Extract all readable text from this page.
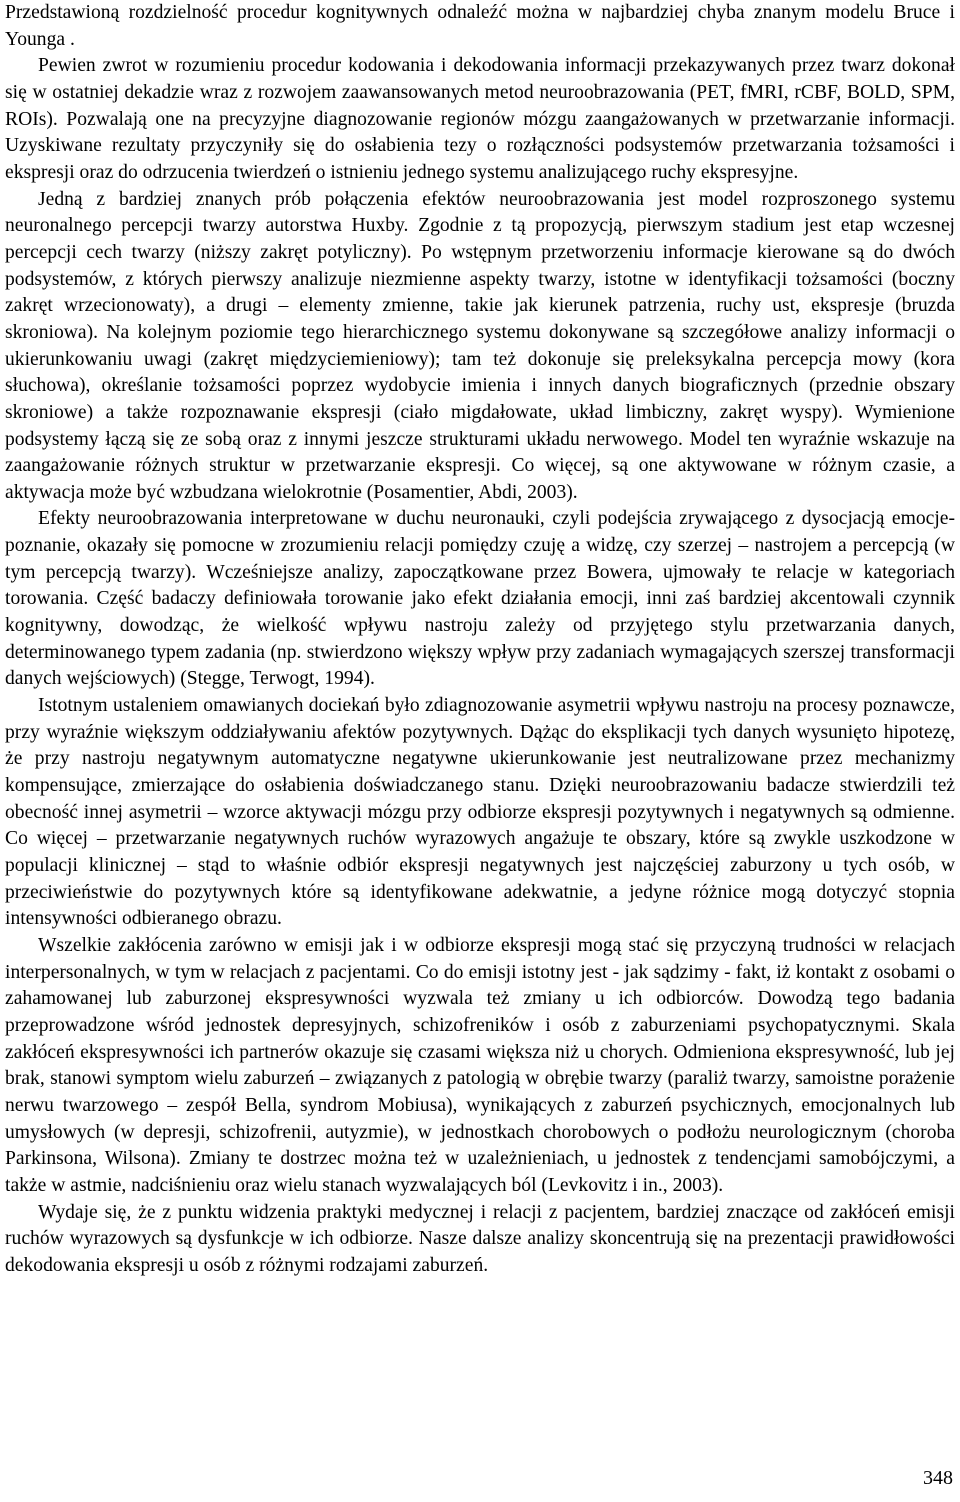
Przedstawioną rozdzielność procedur kognitywnych odnaleźć można w najbardziej chyba znanym modelu Bruce i Younga .

Pewien zwrot w rozumieniu procedur kodowania i dekodowania informacji przekazywanych przez twarz dokonał się w ostatniej dekadzie wraz z rozwojem zaawansowanych metod neuroobrazowania (PET, fMRI, rCBF, BOLD, SPM, ROIs). Pozwalają one na precyzyjne diagnozowanie regionów mózgu zaangażowanych w przetwarzanie informacji. Uzyskiwane rezultaty przyczyniły się do osłabienia tezy o rozłączności podsystemów przetwarzania tożsamości i ekspresji oraz do odrzucenia twierdzeń o istnieniu jednego systemu analizującego ruchy ekspresyjne.

Jedną z bardziej znanych prób połączenia efektów neuroobrazowania jest model rozproszonego systemu neuronalnego percepcji twarzy autorstwa Huxby. Zgodnie z tą propozycją, pierwszym stadium jest etap wczesnej percepcji cech twarzy (niższy zakręt potyliczny). Po wstępnym przetworzeniu informacje kierowane są do dwóch podsystemów, z których pierwszy analizuje niezmienne aspekty twarzy, istotne w identyfikacji tożsamości (boczny zakręt wrzecionowaty), a drugi – elementy zmienne, takie jak kierunek patrzenia, ruchy ust, ekspresje (bruzda skroniowa). Na kolejnym poziomie tego hierarchicznego systemu dokonywane są szczegółowe analizy informacji o ukierunkowaniu uwagi (zakręt międzyciemieniowy); tam też dokonuje się preleksykalna percepcja mowy (kora słuchowa), określanie tożsamości poprzez wydobycie imienia i innych danych biograficznych (przednie obszary skroniowe) a także rozpoznawanie ekspresji (ciało migdałowate, układ limbiczny, zakręt wyspy). Wymienione podsystemy łączą się ze sobą oraz z innymi jeszcze strukturami układu nerwowego. Model ten wyraźnie wskazuje na zaangażowanie różnych struktur w przetwarzanie ekspresji. Co więcej, są one aktywowane w różnym czasie, a aktywacja może być wzbudzana wielokrotnie (Posamentier, Abdi, 2003).

Efekty neuroobrazowania interpretowane w duchu neuronauki, czyli podejścia zrywającego z dysocjacją emocje-poznanie, okazały się pomocne w zrozumieniu relacji pomiędzy czuję a widzę, czy szerzej – nastrojem a percepcją (w tym percepcją twarzy). Wcześniejsze analizy, zapoczątkowane przez Bowera, ujmowały te relacje w kategoriach torowania. Część badaczy definiowała torowanie jako efekt działania emocji, inni zaś bardziej akcentowali czynnik kognitywny, dowodząc, że wielkość wpływu nastroju zależy od przyjętego stylu przetwarzania danych, determinowanego typem zadania (np. stwierdzono większy wpływ przy zadaniach wymagających szerszej transformacji danych wejściowych) (Stegge, Terwogt, 1994).

Istotnym ustaleniem omawianych dociekań było zdiagnozowanie asymetrii wpływu nastroju na procesy poznawcze, przy wyraźnie większym oddziaływaniu afektów pozytywnych. Dążąc do eksplikacji tych danych wysunięto hipotezę, że przy nastroju negatywnym automatyczne negatywne ukierunkowanie jest neutralizowane przez mechanizmy kompensujące, zmierzające do osłabienia doświadczanego stanu. Dzięki neuroobrazowaniu badacze stwierdzili też obecność innej asymetrii – wzorce aktywacji mózgu przy odbiorze ekspresji pozytywnych i negatywnych są odmienne. Co więcej – przetwarzanie negatywnych ruchów wyrazowych angażuje te obszary, które są zwykle uszkodzone w populacji klinicznej – stąd to właśnie odbiór ekspresji negatywnych jest najczęściej zaburzony u tych osób, w przeciwieństwie do pozytywnych które są identyfikowane adekwatnie, a jedyne różnice mogą dotyczyć stopnia intensywności odbieranego obrazu.

Wszelkie zakłócenia zarówno w emisji jak i w odbiorze ekspresji mogą stać się przyczyną trudności w relacjach interpersonalnych, w tym w relacjach z pacjentami. Co do emisji istotny jest - jak sądzimy - fakt, iż kontakt z osobami o zahamowanej lub zaburzonej ekspresywności wyzwala też zmiany u ich odbiorców. Dowodzą tego badania przeprowadzone wśród jednostek depresyjnych, schizofreników i osób z zaburzeniami psychopatycznymi. Skala zakłóceń ekspresywności ich partnerów okazuje się czasami większa niż u chorych. Odmieniona ekspresywność, lub jej brak, stanowi symptom wielu zaburzeń – związanych z patologią w obrębie twarzy (paraliż twarzy, samoistne porażenie nerwu twarzowego – zespół Bella, syndrom Mobiusa), wynikających z zaburzeń psychicznych, emocjonalnych lub umysłowych (w depresji, schizofrenii, autyzmie), w jednostkach chorobowych o podłożu neurologicznym (choroba Parkinsona, Wilsona). Zmiany te dostrzec można też w uzależnieniach, u jednostek z tendencjami samobójczymi, a także w astmie, nadciśnieniu oraz wielu stanach wyzwalających ból (Levkovitz i in., 2003).

Wydaje się, że z punktu widzenia praktyki medycznej i relacji z pacjentem, bardziej znaczące od zakłóceń emisji ruchów wyrazowych są dysfunkcje w ich odbiorze. Nasze dalsze analizy skoncentrują się na prezentacji prawidłowości dekodowania ekspresji u osób z różnymi rodzajami zaburzeń.

348
